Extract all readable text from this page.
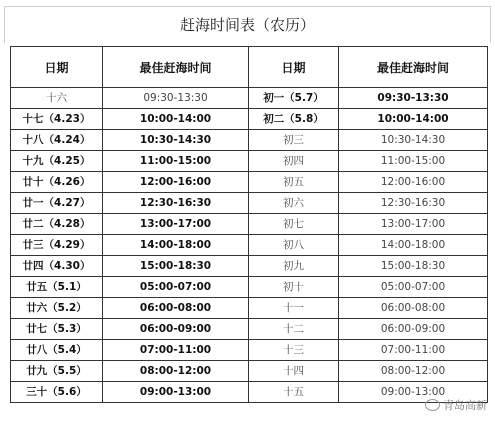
赶海时间表（农历）
日期	最佳赶海时间	日期	最佳赶海时间
十六	09:30-13:30	初一（5.7）	09:30-13:30
十七（4.23）	10:00-14:00	初二（5.8）	10:00-14:00
十八（4.24）	10:30-14:30	初三	10:30-14:30
十九（4.25）	11:00-15:00	初四	11:00-15:00
廿十（4.26）	12:00-16:00	初五	12:00-16:00
廿一（4.27）	12:30-16:30	初六	12:30-16:30
廿二（4.28）	13:00-17:00	初七	13:00-17:00
廿三（4.29）	14:00-18:00	初八	14:00-18:00
廿四（4.30）	15:00-18:30	初九	15:00-18:30
廿五（5.1）	05:00-07:00	初十	05:00-07:00
廿六（5.2）	06:00-08:00	十一	06:00-08:00
廿七（5.3）	06:00-09:00	十二	06:00-09:00
廿八（5.4）	07:00-11:00	十三	07:00-11:00
廿九（5.5）	08:00-12:00	十四	08:00-12:00
三十（5.6）	09:00-13:00	十五	09:00-13:00
青岛高新
